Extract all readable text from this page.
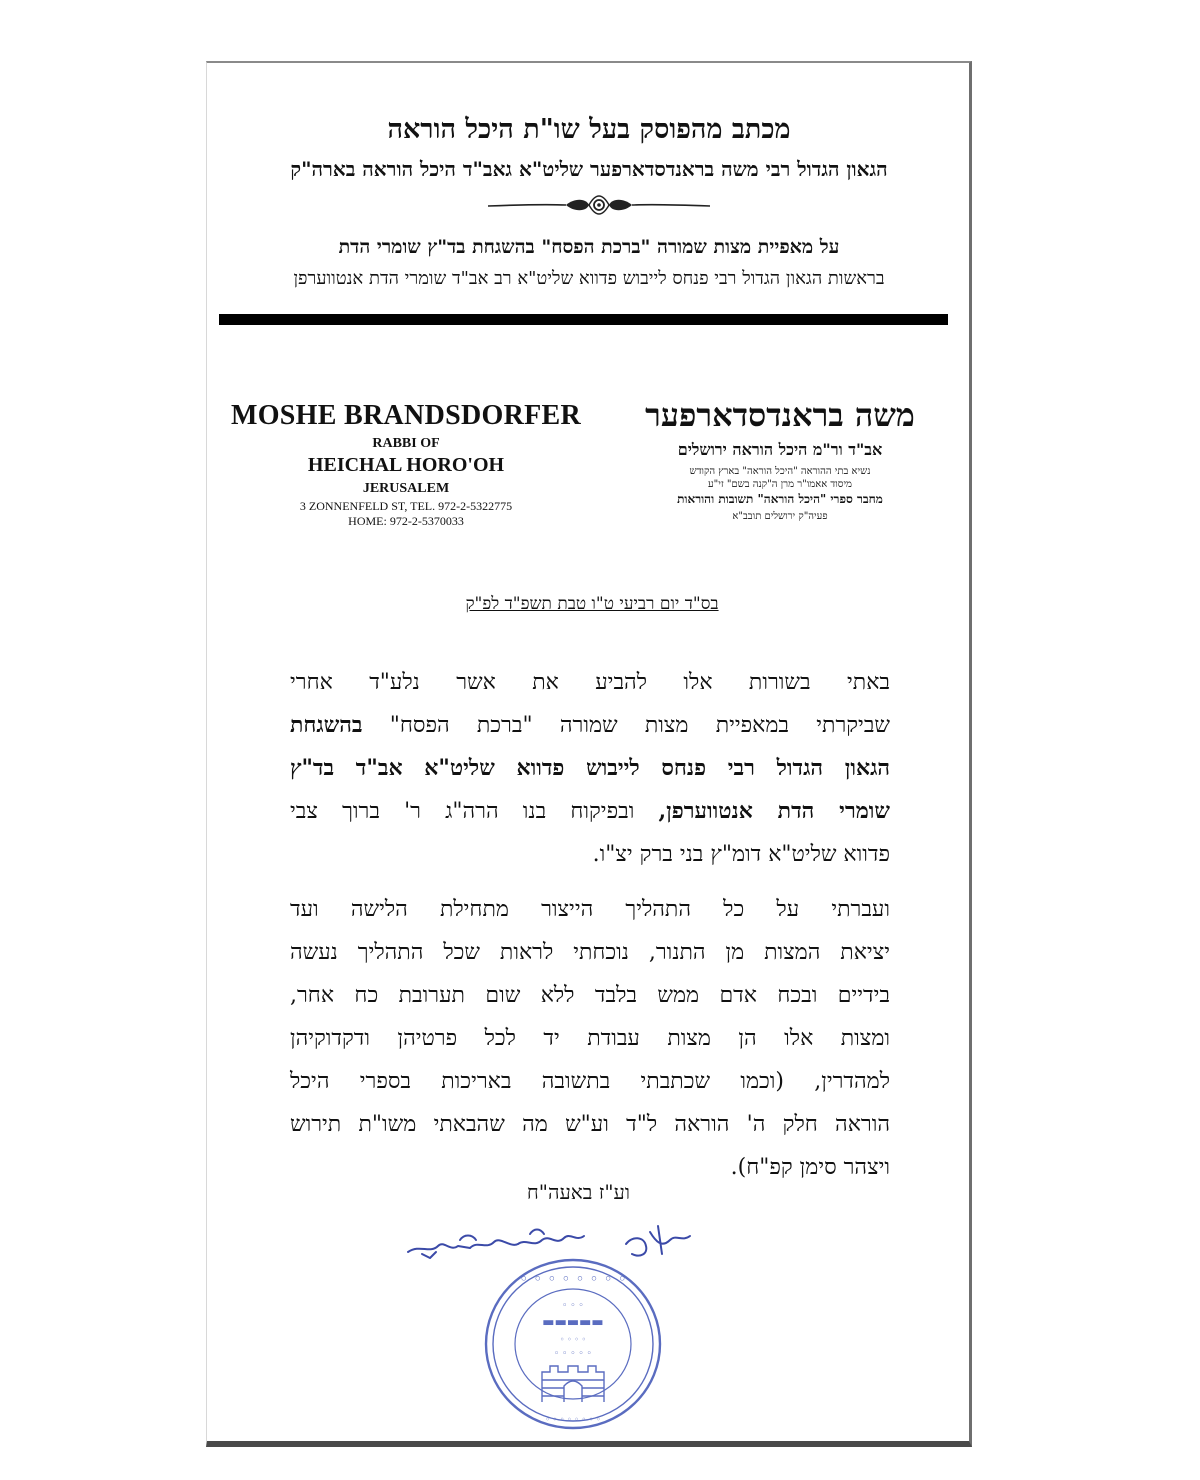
מכתב מהפוסק בעל שו"ת היכל הוראה
הגאון הגדול רבי משה בראנדסדארפער שליט"א גאב"ד היכל הוראה בארה"ק
על מאפיית מצות שמורה "ברכת הפסח" בהשגחת בד"ץ שומרי הדת
בראשות הגאון הגדול רבי פנחס לייבוש פדווא שליט"א רב אב"ד שומרי הדת אנטווערפן
MOSHE BRANDSDORFER
RABBI OF
HEICHAL HORO'OH
JERUSALEM
3 ZONNENFELD ST, TEL. 972-2-5322775
HOME: 972-2-5370033
משה בראנדסדארפער
אב"ד ור"מ היכל הוראה ירושלים
נשיא בתי ההוראה "היכל הוראה" בארץ הקודש
מיסוד אאמו"ר מרן ה"קנה בשם" זי"ע
מחבר ספרי "היכל הוראה" תשובות והוראות
פעיה"ק ירושלים תובב"א
בס"ד יום רביעי ט"ו טבת תשפ"ד לפ"ק
באתי בשורות אלו להביע את אשר נלע"ד אחרי
שביקרתי במאפיית מצות שמורה "ברכת הפסח" בהשגחת
הגאון הגדול רבי פנחס לייבוש פדווא שליט"א אב"ד בד"ץ
שומרי הדת אנטווערפן, ובפיקוח בנו הרה"ג ר' ברוך צבי
פדווא שליט"א דומ"ץ בני ברק יצ"ו.
ועברתי על כל התהליך הייצור מתחילת הלישה ועד
יציאת המצות מן התנור, נוכחתי לראות שכל התהליך נעשה
בידיים ובכח אדם ממש בלבד ללא שום תערובת כח אחר,
ומצות אלו הן מצות עבודת יד לכל פרטיהן ודקדוקיהן
למהדרין, (וכמו שכתבתי בתשובה באריכות בספרי היכל
הוראה חלק ה' הוראה ל"ד וע"ש מה שהבאתי משו"ת תירוש
ויצהר סימן קפ"ח).
וע"ז באעה"ח
◦ ◦ ◦ ◦ ◦ ◦ ◦ ◦
◦ ◦ ◦
▬▬▬▬▬
◦ ◦ ◦ ◦
◦ ◦ ◦ ◦ ◦
◦ ◦ ◦ ◦ ◦ ◦ ◦ ◦
